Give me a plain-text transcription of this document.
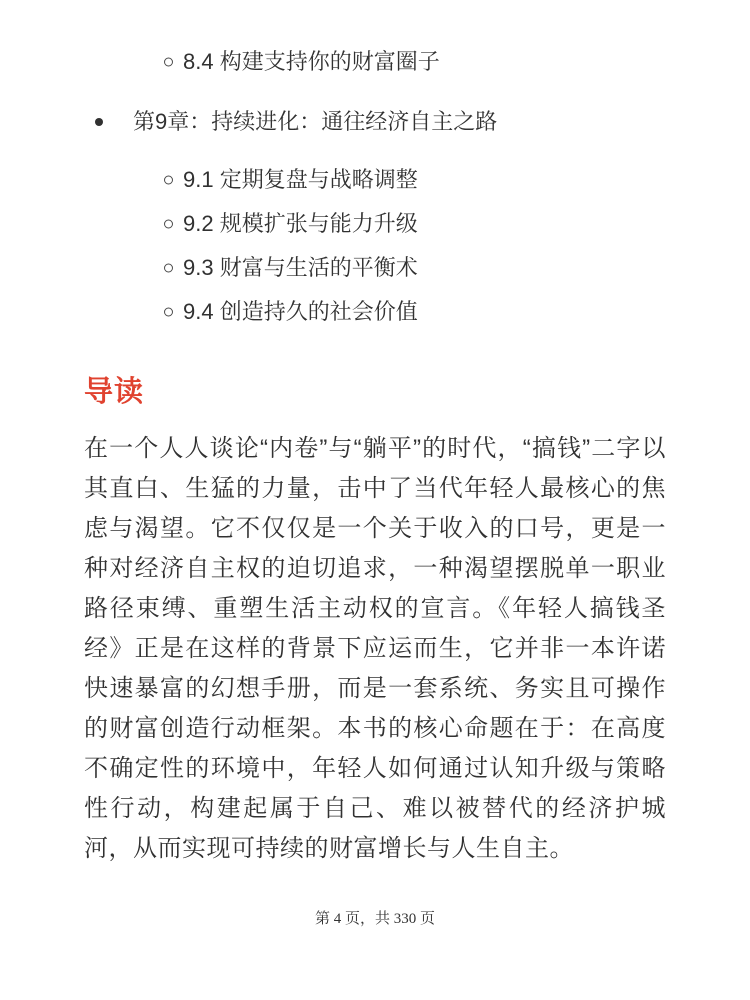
8.4 构建支持你的财富圈子
第9章：持续进化：通往经济自主之路
9.1 定期复盘与战略调整
9.2 规模扩张与能力升级
9.3 财富与生活的平衡术
9.4 创造持久的社会价值
导读

在一个人人谈论“内卷”与“躺平”的时代，“搞钱”二字以其直白、生猛的力量，击中了当代年轻人最核心的焦虑与渴望。它不仅仅是一个关于收入的口号，更是一种对经济自主权的迫切追求，一种渴望摆脱单一职业路径束缚、重塑生活主动权的宣言。《年轻人搞钱圣经》正是在这样的背景下应运而生，它并非一本许诺快速暴富的幻想手册，而是一套系统、务实且可操作的财富创造行动框架。本书的核心命题在于：在高度不确定性的环境中，年轻人如何通过认知升级与策略性行动，构建起属于自己、难以被替代的经济护城河，从而实现可持续的财富增长与人生自主。

第 4 页，共 330 页
